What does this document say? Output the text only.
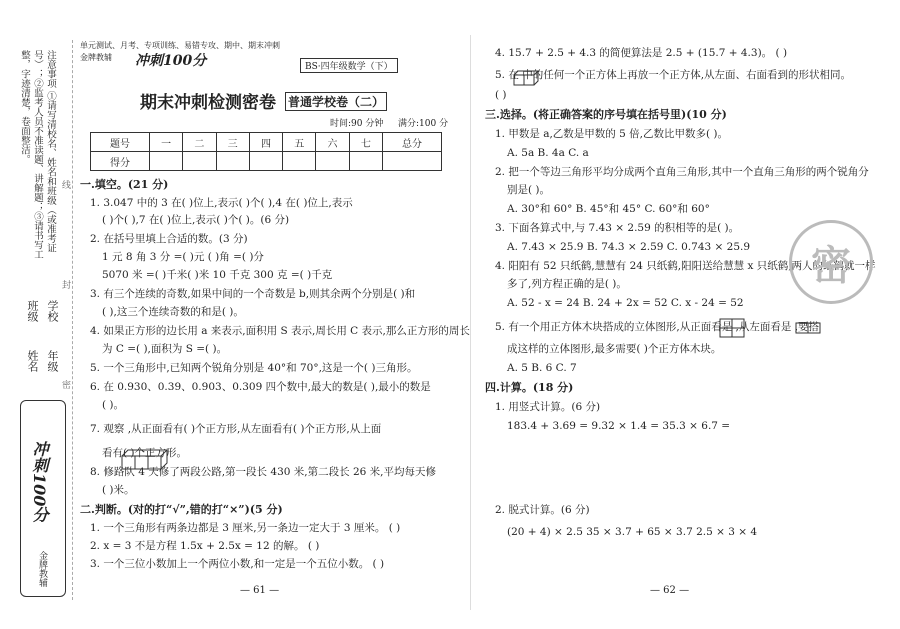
注意事项 ①请写清校名、姓名和班级（或准考证号）；②监考人员不准读题、讲解题；③请书写工整，字迹清楚，卷面整洁。
学校
年级
班级
姓名
冲刺100分
金牌教辅
线
封
密
单元测试、月考、专项训练、易错专攻、期中、期末冲刺
金牌教辅 冲刺100分	BS·四年级数学（下）
期末冲刺检测密卷 普通学校卷（二）
时间:90 分钟 满分:100 分
题号	一	二	三	四	五	六	七	总分
得分								
一.填空。(21 分)
1. 3.047 中的 3 在( )位上,表示( )个( ),4 在( )位上,表示
( )个( ),7 在( )位上,表示( )个( )。(6 分)
2. 在括号里填上合适的数。(3 分)
1 元 8 角 3 分 =( )元 ( )角 =( )分
5070 米 =( )千米( )米 10 千克 300 克 =( )千克
3. 有三个连续的奇数,如果中间的一个奇数是 b,则其余两个分别是( )和
( ),这三个连续奇数的和是( )。
4. 如果正方形的边长用 a 来表示,面积用 S 表示,周长用 C 表示,那么正方形的周长
为 C =( ),面积为 S =( )。
5. 一个三角形中,已知两个锐角分别是 40°和 70°,这是一个( )三角形。
6. 在 0.930、0.39、0.903、0.309 四个数中,最大的数是( ),最小的数是
( )。
7. 观察 ,从正面看有( )个正方形,从左面看有( )个正方形,从上面
看有( )个正方形。
8. 修路队 4 天修了两段公路,第一段长 430 米,第二段长 26 米,平均每天修
( )米。
二.判断。(对的打“√”,错的打“×”)(5 分)
1. 一个三角形有两条边都是 3 厘米,另一条边一定大于 3 厘米。 ( )
2. x = 3 不是方程 1.5x + 2.5x = 12 的解。 ( )
3. 一个三位小数加上一个两位小数,和一定是一个五位小数。 ( )
— 61 —
4. 15.7 + 2.5 + 4.3 的简便算法是 2.5 + (15.7 + 4.3)。 ( )
5. 在 中的任何一个正方体上再放一个正方体,从左面、右面看到的形状相同。
( )
三.选择。(将正确答案的序号填在括号里)(10 分)
1. 甲数是 a,乙数是甲数的 5 倍,乙数比甲数多( )。
A. 5a B. 4a C. a
2. 把一个等边三角形平均分成两个直角三角形,其中一个直角三角形的两个锐角分
别是( )。
A. 30°和 60° B. 45°和 45° C. 60°和 60°
3. 下面各算式中,与 7.43 × 2.59 的积相等的是( )。
A. 7.43 × 25.9 B. 74.3 × 2.59 C. 0.743 × 25.9
4. 阳阳有 52 只纸鹤,慧慧有 24 只纸鹤,阳阳送给慧慧 x 只纸鹤,两人的纸鹤就一样
多了,列方程正确的是( )。
A. 52 - x = 24 B. 24 + 2x = 52 C. x - 24 = 52
5. 有一个用正方体木块搭成的立体图形,从正面看是 ,从左面看是 ,要搭
成这样的立体图形,最多需要( )个正方体木块。
A. 5 B. 6 C. 7
四.计算。(18 分)
1. 用竖式计算。(6 分)
183.4 + 3.69 = 9.32 × 1.4 = 35.3 × 6.7 =
2. 脱式计算。(6 分)
(20 + 4) × 2.5 35 × 3.7 + 65 × 3.7 2.5 × 3 × 4
密
— 62 —
